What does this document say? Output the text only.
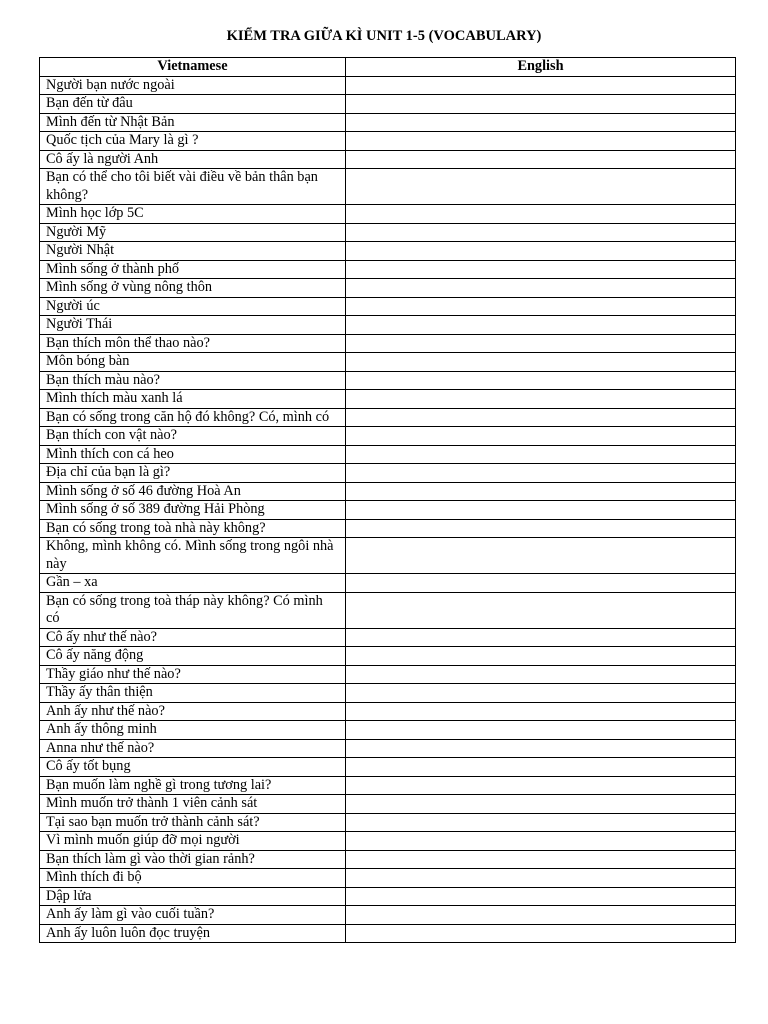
KIỂM TRA GIỮA KÌ UNIT 1-5 (VOCABULARY)
Vietnamese	English
Người bạn nước ngoài	
Bạn đến từ đâu	
Mình đến từ Nhật Bản	
Quốc tịch của Mary là gì ?	
Cô ấy là người Anh	
Bạn có thể cho tôi biết vài điều về bản thân bạn không?	
Mình học lớp 5C	
Người Mỹ	
Người Nhật	
Mình sống ở thành phố	
Mình sống ở vùng nông thôn	
Người úc	
Người Thái	
Bạn thích môn thể thao nào?	
Môn bóng bàn	
Bạn thích màu nào?	
Mình thích màu xanh lá	
Bạn có sống trong căn hộ đó không? Có, mình có	
Bạn thích con vật nào?	
Mình thích con cá heo	
Địa chỉ của bạn là gì?	
Mình sống ở số 46 đường Hoà An	
Mình sống ở số 389 đường Hải Phòng	
Bạn có sống trong toà nhà này không?	
Không, mình không có. Mình sống trong ngôi nhà này	
Gần – xa	
Bạn có sống trong toà tháp này không? Có mình có	
Cô ấy như thế nào?	
Cô ấy năng động	
Thầy giáo như thế nào?	
Thầy ấy thân thiện	
Anh ấy như thế nào?	
Anh ấy thông minh	
Anna như thế nào?	
Cô ấy tốt bụng	
Bạn muốn làm nghề gì trong tương lai?	
Mình muốn trở thành 1 viên cảnh sát	
Tại sao bạn muốn trở thành cảnh sát?	
Vì mình muốn giúp đỡ mọi người	
Bạn thích làm gì vào thời gian rảnh?	
Mình thích đi bộ	
Dập lửa	
Anh ấy làm gì vào cuối tuần?	
Anh ấy luôn luôn đọc truyện	
